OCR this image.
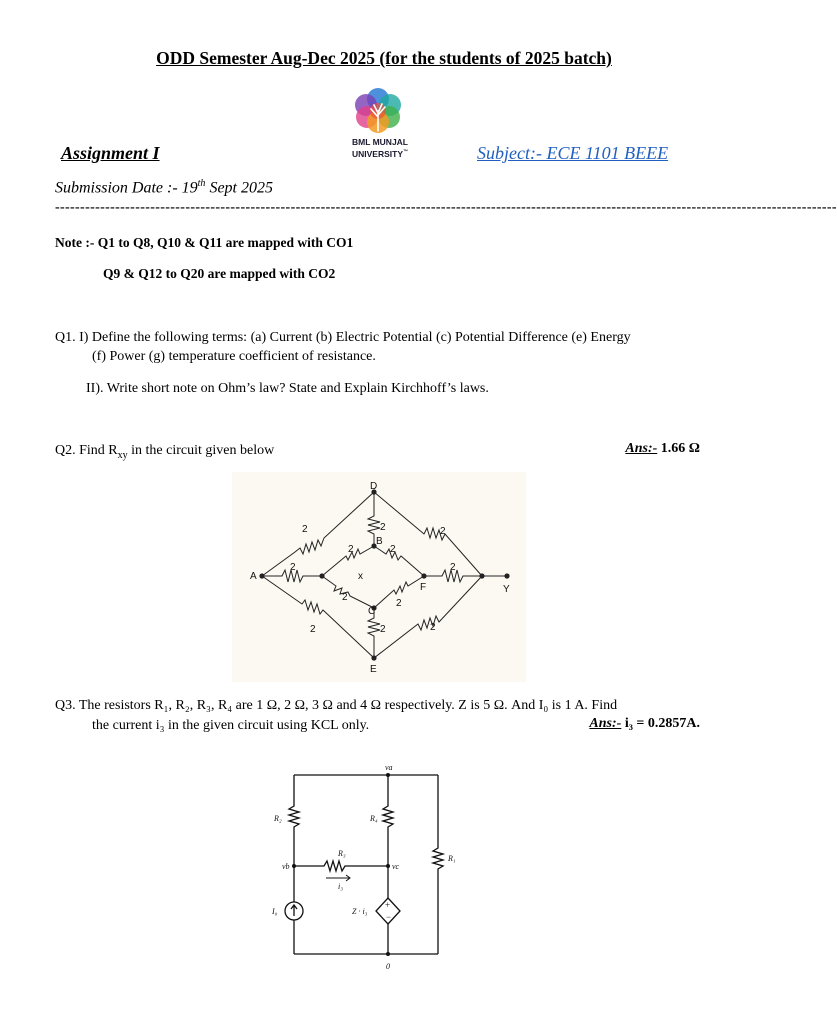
ODD Semester Aug-Dec 2025 (for the students of 2025 batch)
BML MUNJAL
UNIVERSITY™
Assignment I	Subject:- ECE 1101 BEEE
Submission Date :- 19th Sept 2025
------------------------------------------------------------------------------------------------------------------------------------------------------------
Note :- Q1 to Q8, Q10 & Q11 are mapped with CO1
Q9 & Q12 to Q20 are mapped with CO2
Q1. I) Define the following terms: (a) Current (b) Electric Potential (c) Potential Difference (e) Energy
(f) Power (g) temperature coefficient of resistance.
II). Write short note on Ohm’s law? State and Explain Kirchhoff’s laws.
Q2. Find $R_{xy}$ in the circuit given below	Ans:- 1.66 Ω
D
B
A	x
F	Y
C
E
2	2	2
2
2	2
2
2
2
2
2	2
Q3. The resistors R₁, R₂, R₃, R₄ are 1 Ω, 2 Ω, 3 Ω and 4 Ω respectively. Z is 5 Ω. And I₀ is 1 A. Find
the current i₃ in the given circuit using KCL only.	Ans:- i₃ = 0.2857A.
va
vb	vc
R₁
R₂
R₃
R₄
I₀
i₃
Z · i₃
0
+
−
